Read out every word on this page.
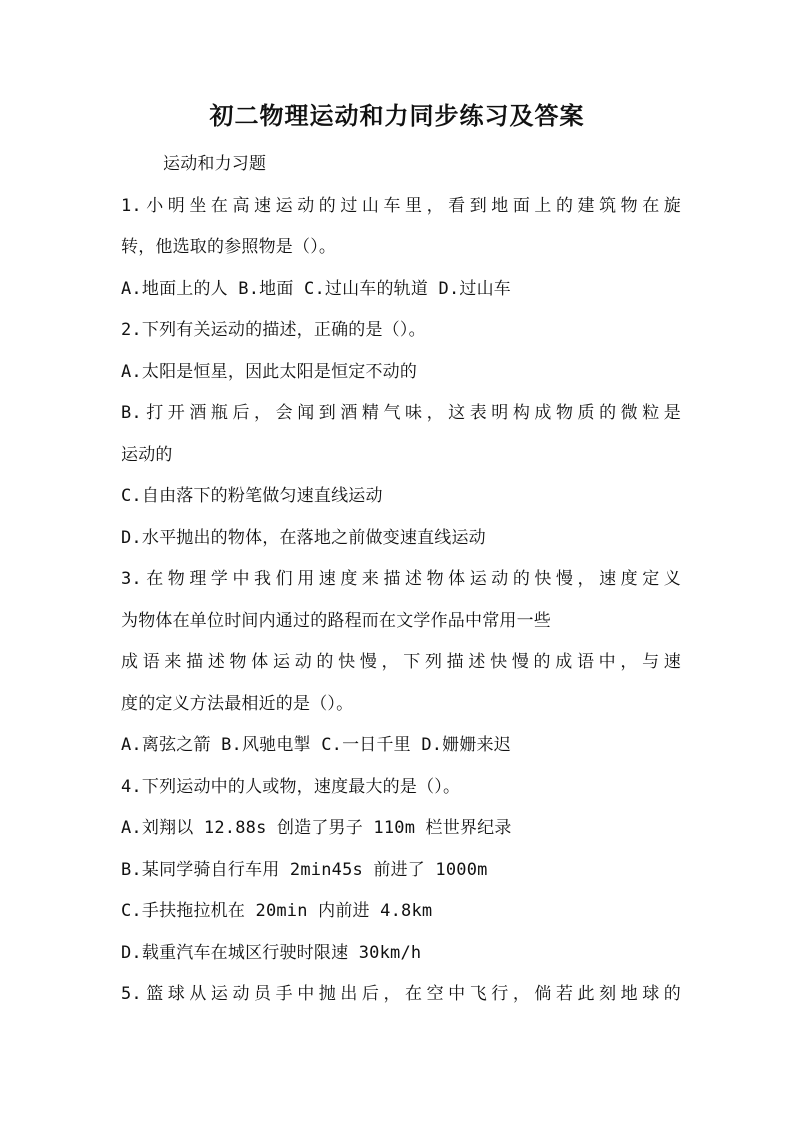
初二物理运动和力同步练习及答案
运动和力习题
1.小明坐在高速运动的过山车里，看到地面上的建筑物在旋
转，他选取的参照物是（）。
A.地面上的人 B.地面 C.过山车的轨道 D.过山车
2.下列有关运动的描述，正确的是（）。
A.太阳是恒星，因此太阳是恒定不动的
B.打开酒瓶后，会闻到酒精气味，这表明构成物质的微粒是
运动的
C.自由落下的粉笔做匀速直线运动
D.水平抛出的物体，在落地之前做变速直线运动
3.在物理学中我们用速度来描述物体运动的快慢，速度定义
为物体在单位时间内通过的路程而在文学作品中常用一些
成语来描述物体运动的快慢，下列描述快慢的成语中，与速
度的定义方法最相近的是（）。
A.离弦之箭 B.风驰电掣 C.一日千里 D.姗姗来迟
4.下列运动中的人或物，速度最大的是（）。
A.刘翔以 12.88s 创造了男子 110m 栏世界纪录
B.某同学骑自行车用 2min45s 前进了 1000m
C.手扶拖拉机在 20min 内前进 4.8km
D.载重汽车在城区行驶时限速 30km/h
5.篮球从运动员手中抛出后，在空中飞行，倘若此刻地球的
